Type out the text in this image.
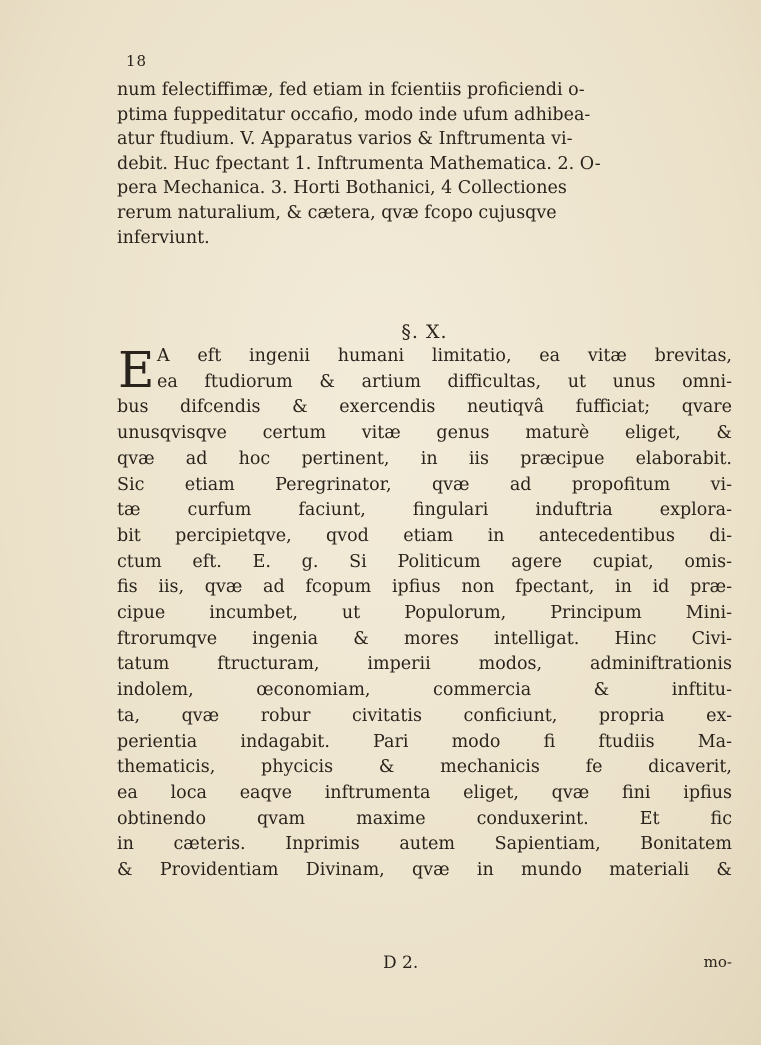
18
num felectiffimæ, fed etiam in fcientiis proficiendi o-
ptima fuppeditatur occafio, modo inde ufum adhibea-
atur ftudium. V. Apparatus varios & Inftrumenta vi-
debit. Huc fpectant 1. Inftrumenta Mathematica. 2. O-
pera Mechanica. 3. Horti Bothanici, 4 Collectiones
rerum naturalium, & cætera, qvæ fcopo cujusqve
inferviunt.
§. X.
E A eft ingenii humani limitatio, ea vitæ brevitas,
ea ftudiorum & artium difficultas, ut unus omni-
bus difcendis & exercendis neutiqvâ fufficiat; qvare
unusqvisqve certum vitæ genus maturè eliget, &
qvæ ad hoc pertinent, in iis præcipue elaborabit.
Sic etiam Peregrinator, qvæ ad propofitum vi-
tæ curfum faciunt, fingulari induftria explora-
bit percipietqve, qvod etiam in antecedentibus di-
ctum eft. E. g. Si Politicum agere cupiat, omis-
fis iis, qvæ ad fcopum ipfius non fpectant, in id præ-
cipue incumbet, ut Populorum, Principum Mini-
ftrorumqve ingenia & mores intelligat. Hinc Civi-
tatum ftructuram, imperii modos, adminiftrationis
indolem, œconomiam, commercia & inftitu-
ta, qvæ robur civitatis conficiunt, propria ex-
perientia indagabit. Pari modo fi ftudiis Ma-
thematicis, phycicis & mechanicis fe dicaverit,
ea loca eaqve inftrumenta eliget, qvæ fini ipfius
obtinendo qvam maxime conduxerint. Et fic
in cæteris. Inprimis autem Sapientiam, Bonitatem
& Providentiam Divinam, qvæ in mundo materiali &
D 2.	mo-
